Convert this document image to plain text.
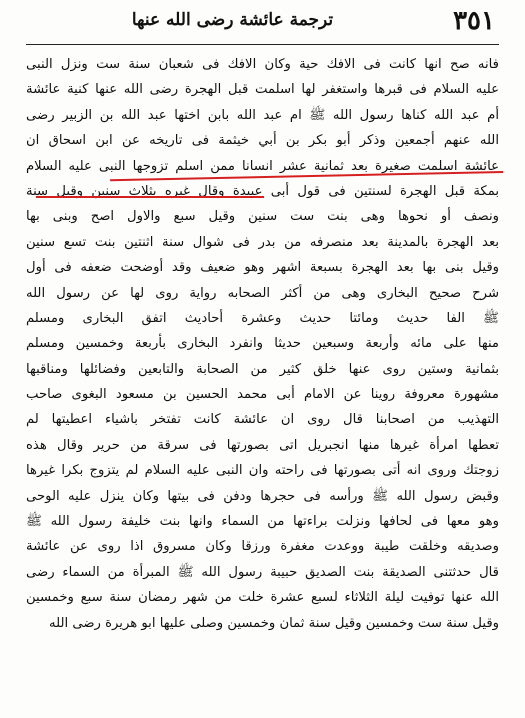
٣٥١
ترجمة عائشة رضى الله عنها
فانه صح انها كانت فى الافك حية وكان الافك فى شعبان سنة ست ونزل النبى
عليه السلام فى قبرها واستغفر لها اسلمت قبل الهجرة رضى الله عنها كنية عائشة
أم عبد الله كناها رسول الله ﷺ ام عبد الله بابن اختها عبد الله بن الزبير رضى
الله عنهم أجمعين وذكر أبو بكر بن أبي خيثمة فى تاريخه عن ابن اسحاق ان
عائشة اسلمت صغيرة بعد ثمانية عشر انسانا ممن اسلم تزوجها النبى عليه السلام
بمكة قبل الهجرة لسنتين فى قول أبى عبيدة وقال غيره بثلاث سنين وقيل سنة
ونصف أو نحوها وهى بنت ست سنين وقيل سبع والاول اصح وبنى بها
بعد الهجرة بالمدينة بعد منصرفه من بدر فى شوال سنة اثنتين بنت تسع سنين
وقيل بنى بها بعد الهجرة بسبعة اشهر وهو ضعيف وقد أوضحت ضعفه فى أول
شرح صحيح البخارى وهى من أكثر الصحابه رواية روى لها عن رسول الله
ﷺ الفا حديث ومائتا حديث وعشرة أحاديث اتفق البخارى ومسلم
منها على مائه وأربعة وسبعين حديثا وانفرد البخارى بأربعة وخمسين ومسلم
بثمانية وستين روى عنها خلق كثير من الصحابة والتابعين وفضائلها ومناقبها
مشهورة معروفة روينا عن الامام أبى محمد الحسين بن مسعود البغوى صاحب
التهذيب من اصحابنا قال روى ان عائشة كانت تفتخر باشياء اعطيتها لم
تعطها امرأة غيرها منها انجبريل اتى بصورتها فى سرقة من حرير وقال هذه
زوجتك وروى انه أتى بصورتها فى راحته وان النبى عليه السلام لم يتزوج بكرا غيرها
وقبض رسول الله ﷺ ورأسه فى حجرها ودفن فى بيتها وكان ينزل عليه الوحى
وهو معها فى لحافها ونزلت براءتها من السماء وانها بنت خليفة رسول الله ﷺ
وصديقه وخلقت طيبة ووعدت مغفرة ورزقا وكان مسروق اذا روى عن عائشة
قال حدثتنى الصديقة بنت الصديق حبيبة رسول الله ﷺ المبرأة من السماء رضى
الله عنها توفيت ليلة الثلاثاء لسبع عشرة خلت من شهر رمضان سنة سبع وخمسين
وقيل سنة ست وخمسين وقيل سنة ثمان وخمسين وصلى عليها ابو هريرة رضى الله
